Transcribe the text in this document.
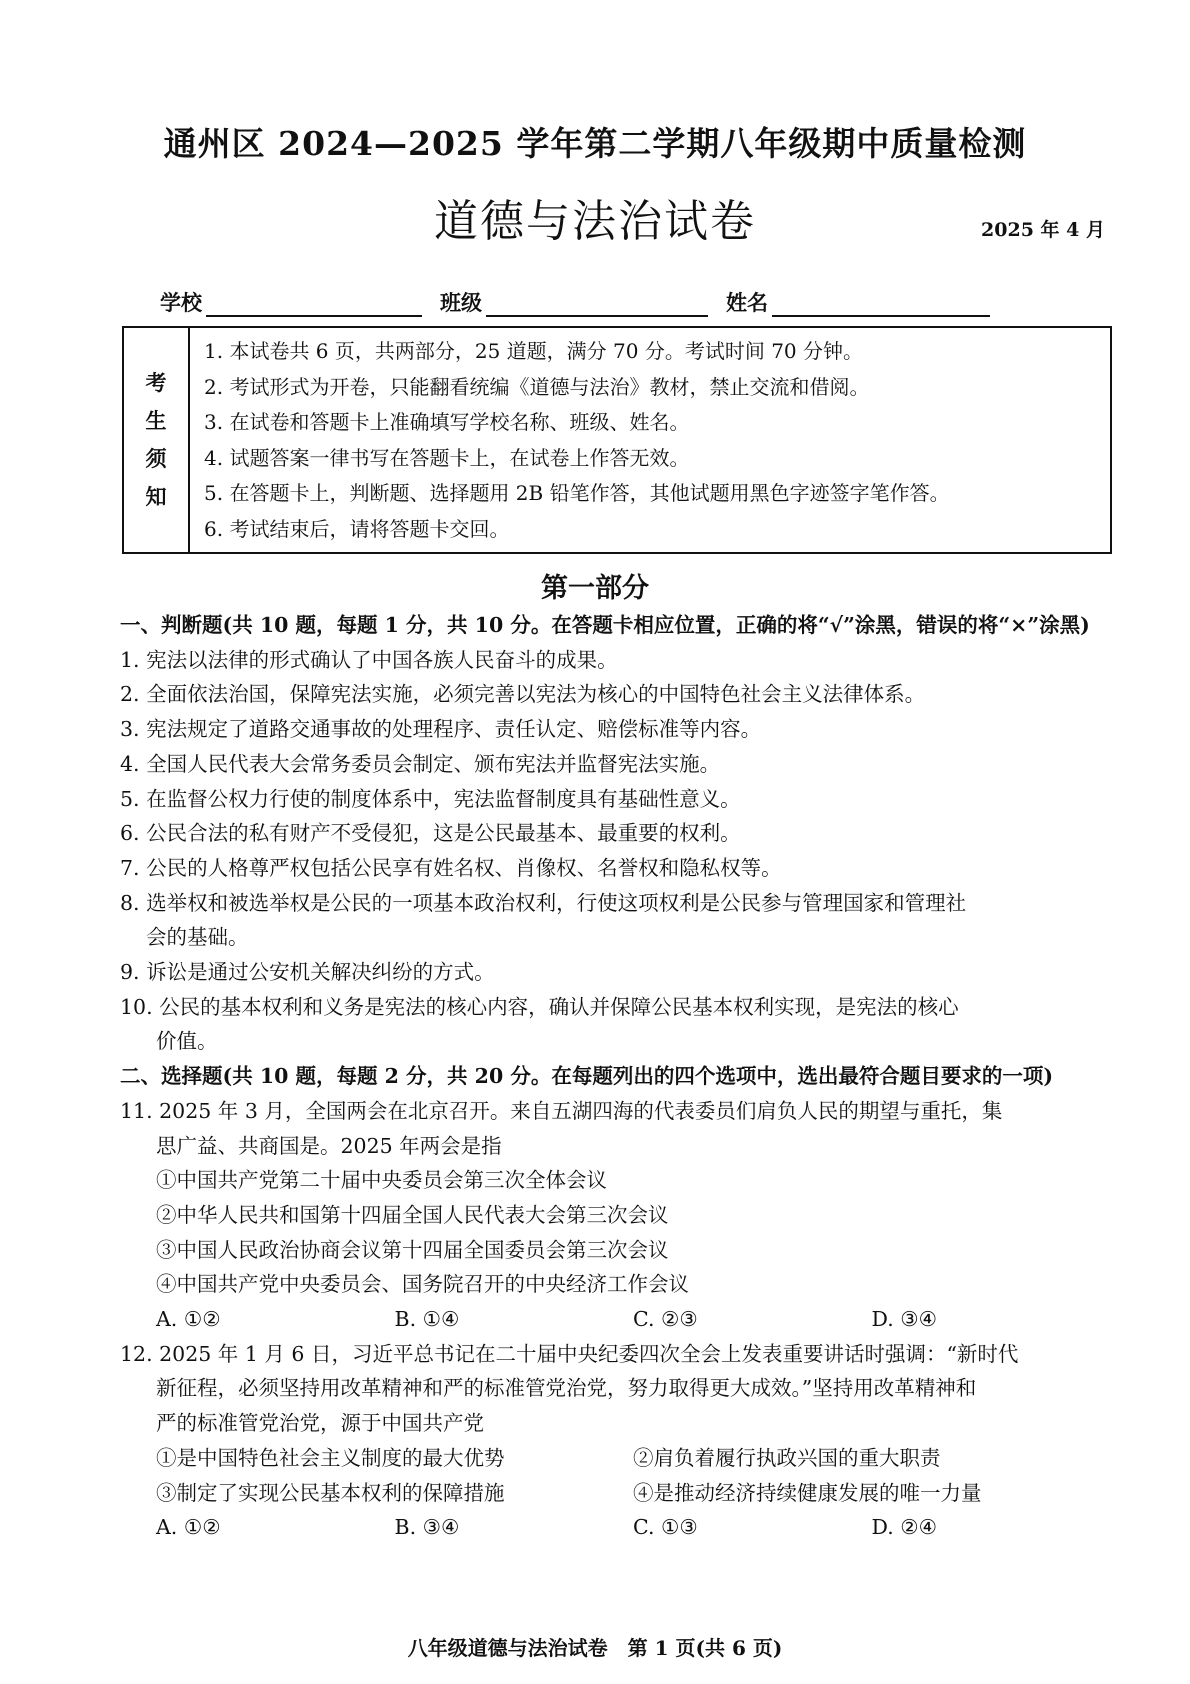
通州区 2024—2025 学年第二学期八年级期中质量检测
道德与法治试卷	2025 年 4 月
学校	班级	姓名
考
生
须
知
1. 本试卷共 6 页，共两部分，25 道题，满分 70 分。考试时间 70 分钟。
2. 考试形式为开卷，只能翻看统编《道德与法治》教材，禁止交流和借阅。
3. 在试卷和答题卡上准确填写学校名称、班级、姓名。
4. 试题答案一律书写在答题卡上，在试卷上作答无效。
5. 在答题卡上，判断题、选择题用 2B 铅笔作答，其他试题用黑色字迹签字笔作答。
6. 考试结束后，请将答题卡交回。
第一部分
一、判断题(共 10 题，每题 1 分，共 10 分。在答题卡相应位置，正确的将“√”涂黑，错误的将“×”涂黑)
1. 宪法以法律的形式确认了中国各族人民奋斗的成果。
2. 全面依法治国，保障宪法实施，必须完善以宪法为核心的中国特色社会主义法律体系。
3. 宪法规定了道路交通事故的处理程序、责任认定、赔偿标准等内容。
4. 全国人民代表大会常务委员会制定、颁布宪法并监督宪法实施。
5. 在监督公权力行使的制度体系中，宪法监督制度具有基础性意义。
6. 公民合法的私有财产不受侵犯，这是公民最基本、最重要的权利。
7. 公民的人格尊严权包括公民享有姓名权、肖像权、名誉权和隐私权等。
8. 选举权和被选举权是公民的一项基本政治权利，行使这项权利是公民参与管理国家和管理社
会的基础。
9. 诉讼是通过公安机关解决纠纷的方式。
10. 公民的基本权利和义务是宪法的核心内容，确认并保障公民基本权利实现，是宪法的核心
价值。
二、选择题(共 10 题，每题 2 分，共 20 分。在每题列出的四个选项中，选出最符合题目要求的一项)
11. 2025 年 3 月，全国两会在北京召开。来自五湖四海的代表委员们肩负人民的期望与重托，集
思广益、共商国是。2025 年两会是指
①中国共产党第二十届中央委员会第三次全体会议
②中华人民共和国第十四届全国人民代表大会第三次会议
③中国人民政治协商会议第十四届全国委员会第三次会议
④中国共产党中央委员会、国务院召开的中央经济工作会议
A. ①②	B. ①④	C. ②③	D. ③④
12. 2025 年 1 月 6 日，习近平总书记在二十届中央纪委四次全会上发表重要讲话时强调：“新时代
新征程，必须坚持用改革精神和严的标准管党治党，努力取得更大成效。”坚持用改革精神和
严的标准管党治党，源于中国共产党
①是中国特色社会主义制度的最大优势	②肩负着履行执政兴国的重大职责
③制定了实现公民基本权利的保障措施	④是推动经济持续健康发展的唯一力量
A. ①②	B. ③④	C. ①③	D. ②④
八年级道德与法治试卷　第 1 页(共 6 页)
